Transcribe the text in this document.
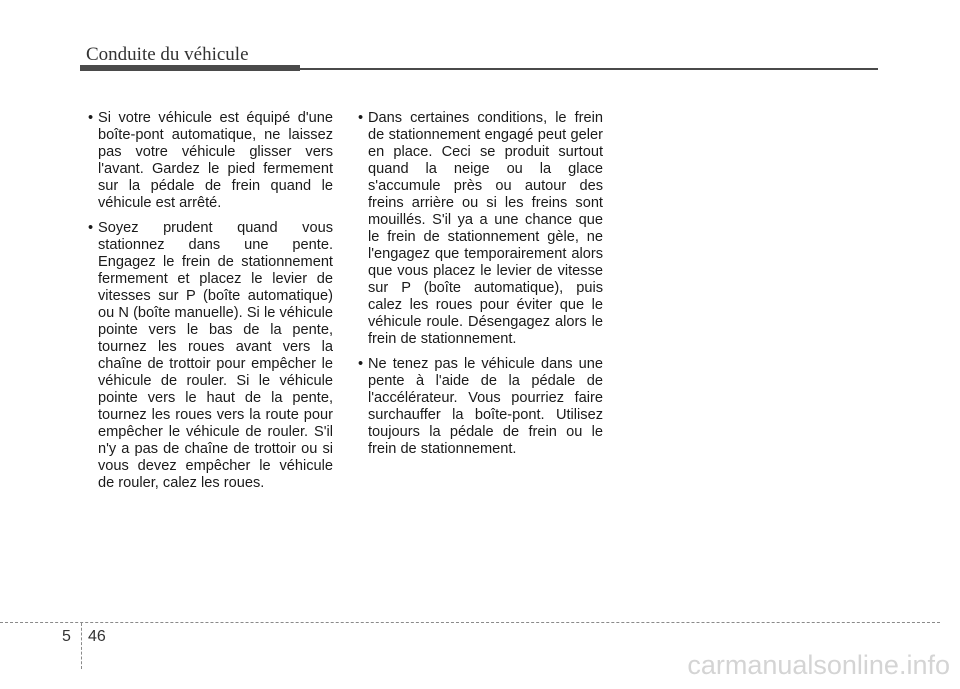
Conduite du véhicule

• Si votre véhicule est équipé d'une boîte-pont automatique, ne laissez pas votre véhicule glisser vers l'avant. Gardez le pied fermement sur la pédale de frein quand le véhicule est arrêté.

• Soyez prudent quand vous stationnez dans une pente. Engagez le frein de stationnement fermement et placez le levier de vitesses sur P (boîte automatique) ou N (boîte manuelle). Si le véhicule pointe vers le bas de la pente, tournez les roues avant vers la chaîne de trottoir pour empêcher le véhicule de rouler. Si le véhicule pointe vers le haut de la pente, tournez les roues vers la route pour empêcher le véhicule de rouler. S'il n'y a pas de chaîne de trottoir ou si vous devez empêcher le véhicule de rouler, calez les roues.

• Dans certaines conditions, le frein de stationnement engagé peut geler en place. Ceci se produit surtout quand la neige ou la glace s'accumule près ou autour des freins arrière ou si les freins sont mouillés. S'il ya a une chance que le frein de stationnement gèle, ne l'engagez que temporairement alors que vous placez le levier de vitesse sur P (boîte automatique), puis calez les roues pour éviter que le véhicule roule. Désengagez alors le frein de stationnement.

• Ne tenez pas le véhicule dans une pente à l'aide de la pédale de l'accélérateur. Vous pourriez faire surchauffer la boîte-pont. Utilisez toujours la pédale de frein ou le frein de stationnement.

5 46
carmanualsonline.info
